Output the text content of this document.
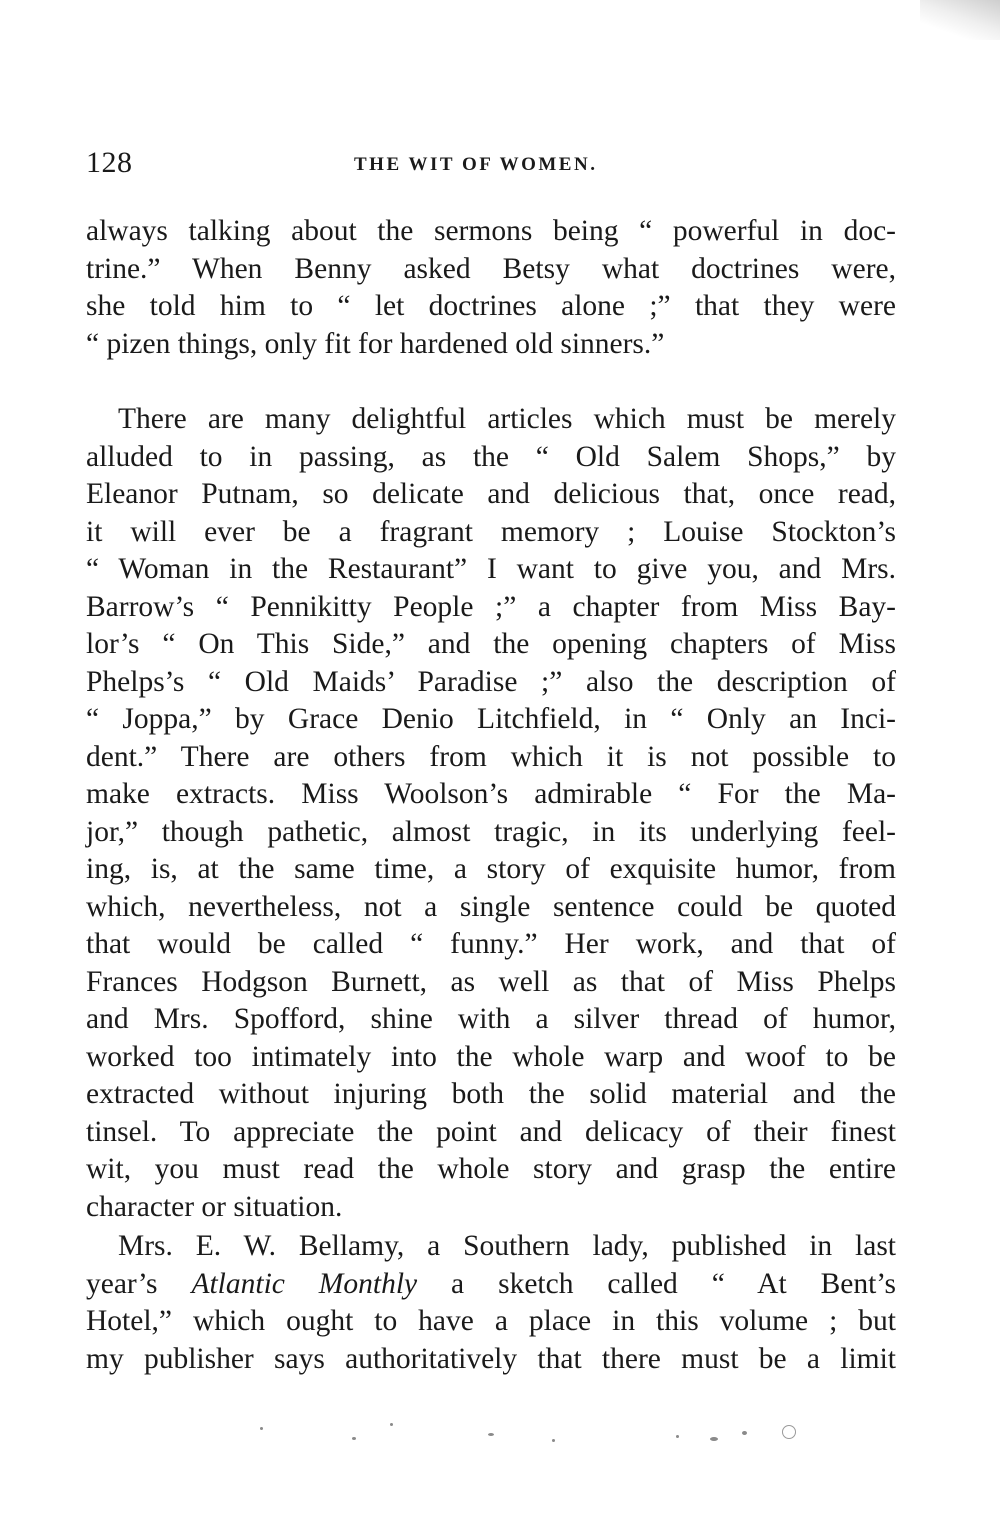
128	THE WIT OF WOMEN.
always talking about the sermons being “ powerful in doc-
trine.” When Benny asked Betsy what doctrines were,
she told him to “ let doctrines alone ;” that they were
“ pizen things, only fit for hardened old sinners.”
There are many delightful articles which must be merely
alluded to in passing, as the “ Old Salem Shops,” by
Eleanor Putnam, so delicate and delicious that, once read,
it will ever be a fragrant memory ; Louise Stockton’s
“ Woman in the Restaurant” I want to give you, and Mrs.
Barrow’s “ Pennikitty People ;” a chapter from Miss Bay-
lor’s “ On This Side,” and the opening chapters of Miss
Phelps’s “ Old Maids’ Paradise ;” also the description of
“ Joppa,” by Grace Denio Litchfield, in “ Only an Inci-
dent.” There are others from which it is not possible to
make extracts. Miss Woolson’s admirable “ For the Ma-
jor,” though pathetic, almost tragic, in its underlying feel-
ing, is, at the same time, a story of exquisite humor, from
which, nevertheless, not a single sentence could be quoted
that would be called “ funny.” Her work, and that of
Frances Hodgson Burnett, as well as that of Miss Phelps
and Mrs. Spofford, shine with a silver thread of humor,
worked too intimately into the whole warp and woof to be
extracted without injuring both the solid material and the
tinsel. To appreciate the point and delicacy of their finest
wit, you must read the whole story and grasp the entire
character or situation.
Mrs. E. W. Bellamy, a Southern lady, published in last
year’s Atlantic Monthly a sketch called “ At Bent’s
Hotel,” which ought to have a place in this volume ; but
my publisher says authoritatively that there must be a limit
